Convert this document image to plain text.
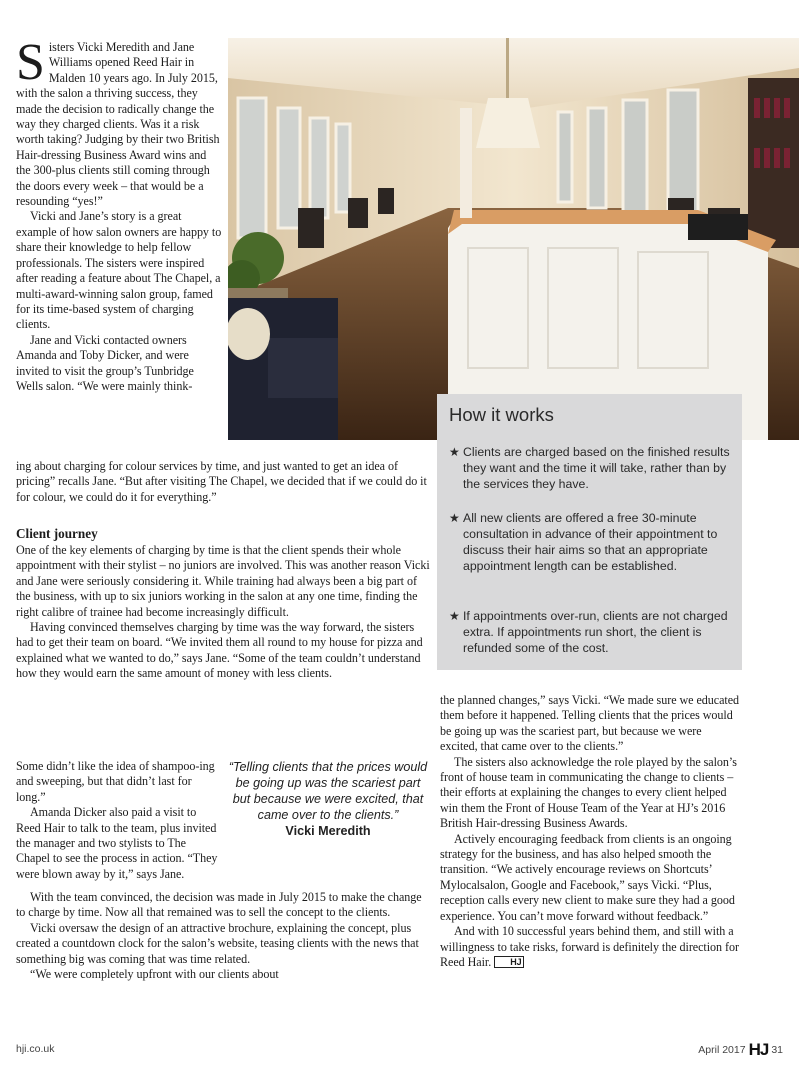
Sisters Vicki Meredith and Jane Williams opened Reed Hair in Malden 10 years ago. In July 2015, with the salon a thriving success, they made the decision to radically change the way they charged clients. Was it a risk worth taking? Judging by their two British Hair-dressing Business Award wins and the 300-plus clients still coming through the doors every week – that would be a resounding “yes!”

Vicki and Jane’s story is a great example of how salon owners are happy to share their knowledge to help fellow professionals. The sisters were inspired after reading a feature about The Chapel, a multi-award-winning salon group, famed for its time-based system of charging clients.

Jane and Vicki contacted owners Amanda and Toby Dicker, and were invited to visit the group’s Tunbridge Wells salon. “We were mainly think-

ing about charging for colour services by time, and just wanted to get an idea of pricing” recalls Jane. “But after visiting The Chapel, we decided that if we could do it for colour, we could do it for everything.”

Client journey

One of the key elements of charging by time is that the client spends their whole appointment with their stylist – no juniors are involved. This was another reason Vicki and Jane were seriously considering it. While training had always been a big part of the business, with up to six juniors working in the salon at any one time, finding the right calibre of trainee had become increasingly difficult.

Having convinced themselves charging by time was the way forward, the sisters had to get their team on board. “We invited them all round to my house for pizza and explained what we wanted to do,” says Jane. “Some of the team couldn’t understand how they would earn the same amount of money with less clients.

Some didn’t like the idea of shampoo-ing and sweeping, but that didn’t last for long.”

Amanda Dicker also paid a visit to Reed Hair to talk to the team, plus invited the manager and two stylists to The Chapel to see the process in action. “They were blown away by it,” says Jane.

With the team convinced, the decision was made in July 2015 to make the change to charge by time. Now all that remained was to sell the concept to the clients.

Vicki oversaw the design of an attractive brochure, explaining the concept, plus created a countdown clock for the salon’s website, teasing clients with the news that something big was coming that was time related.

“We were completely upfront with our clients about

“Telling clients that the prices would be going up was the scariest part but because we were excited, that came over to the clients.”
Vicki Meredith
How it works
★ Clients are charged based on the finished results they want and the time it will take, rather than by the services they have.
★ All new clients are offered a free 30-minute consultation in advance of their appointment to discuss their hair aims so that an appropriate appointment length can be established.
★ If appointments over-run, clients are not charged extra. If appointments run short, the client is refunded some of the cost.

the planned changes,” says Vicki. “We made sure we educated them before it happened. Telling clients that the prices would be going up was the scariest part, but because we were excited, that came over to the clients.”

The sisters also acknowledge the role played by the salon’s front of house team in communicating the change to clients – their efforts at explaining the changes to every client helped win them the Front of House Team of the Year at HJ’s 2016 British Hair-dressing Business Awards.

Actively encouraging feedback from clients is an ongoing strategy for the business, and has also helped smooth the transition. “We actively encourage reviews on Shortcuts’ Mylocalsalon, Google and Facebook,” says Vicki. “Plus, reception calls every new client to make sure they had a good experience. You can’t move forward without feedback.”

And with 10 successful years behind them, and still with a willingness to take risks, forward is definitely the direction for Reed Hair. HJ

hji.co.uk	April 2017 HJ 31
